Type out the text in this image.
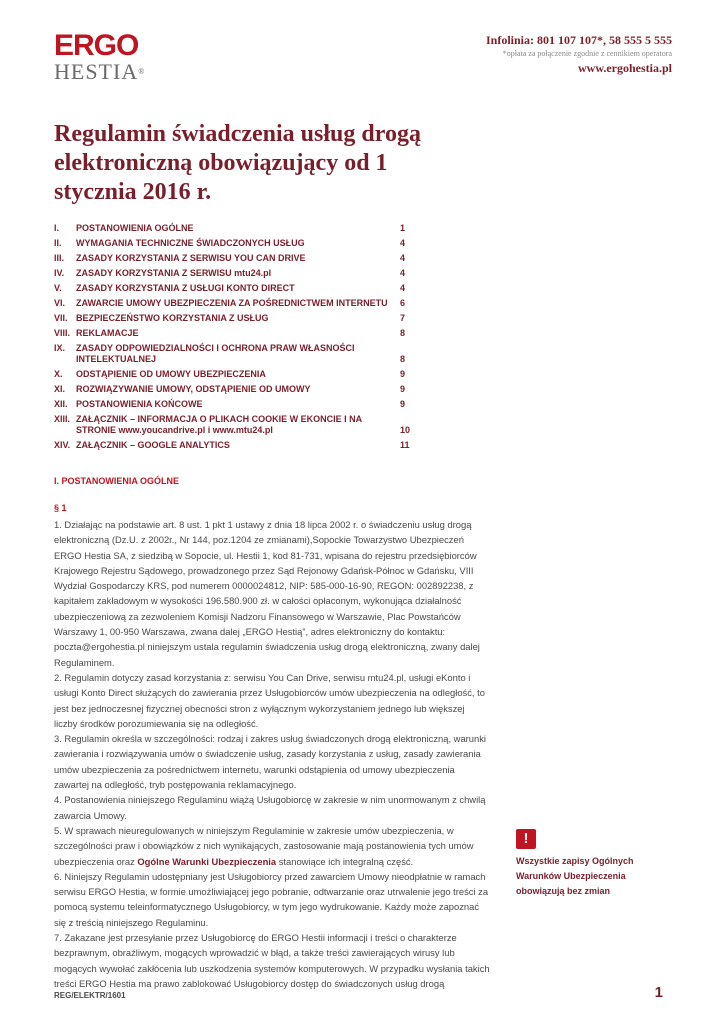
ERGO
HESTIA®
Infolinia: 801 107 107*, 58 555 5 555
*opłata za połączenie zgodnie z cennikiem operatora
www.ergohestia.pl
Regulamin świadczenia usług drogą elektroniczną obowiązujący od 1 stycznia 2016 r.
I.	POSTANOWIENIA OGÓLNE	1
II.	WYMAGANIA TECHNICZNE ŚWIADCZONYCH USŁUG	4
III.	ZASADY KORZYSTANIA Z SERWISU YOU CAN DRIVE	4
IV.	ZASADY KORZYSTANIA Z SERWISU mtu24.pl	4
V.	ZASADY KORZYSTANIA Z USŁUGI KONTO DIRECT	4
VI.	ZAWARCIE UMOWY UBEZPIECZENIA ZA POŚREDNICTWEM INTERNETU	6
VII. BEZPIECZEŃSTWO KORZYSTANIA Z USŁUG	7
VIII. REKLAMACJE	8
IX.	ZASADY ODPOWIEDZIALNOŚCI I OCHRONA PRAW WŁASNOŚCI INTELEKTUALNEJ	8
X.	ODSTĄPIENIE OD UMOWY UBEZPIECZENIA	9
XI.	ROZWIĄZYWANIE UMOWY, ODSTĄPIENIE OD UMOWY	9
XII. POSTANOWIENIA KOŃCOWE	9
XIII. ZAŁĄCZNIK – INFORMACJA O PLIKACH COOKIE W EKONCIE I NA STRONIE www.youcandrive.pl i www.mtu24.pl	10
XIV. ZAŁĄCZNIK – GOOGLE ANALYTICS	11
I. POSTANOWIENIA OGÓLNE
§ 1

1. Działając na podstawie art. 8 ust. 1 pkt 1 ustawy z dnia 18 lipca 2002 r. o świadczeniu usług drogą elektroniczną (Dz.U. z 2002r., Nr 144, poz.1204 ze zmianami),Sopockie Towarzystwo Ubezpieczeń ERGO Hestia SA, z siedzibą w Sopocie, ul. Hestii 1, kod 81-731, wpisana do rejestru przedsiębiorców Krajowego Rejestru Sądowego, prowadzonego przez Sąd Rejonowy Gdańsk-Północ w Gdańsku, VIII Wydział Gospodarczy KRS, pod numerem 0000024812, NIP: 585-000-16-90, REGON: 002892238, z kapitałem zakładowym w wysokości 196.580.900 zł. w całości opłaconym, wykonująca działalność ubezpieczeniową za zezwoleniem Komisji Nadzoru Finansowego w Warszawie, Plac Powstańców Warszawy 1, 00-950 Warszawa, zwana dalej „ERGO Hestią”, adres elektroniczny do kontaktu: poczta@ergohestia.pl niniejszym ustala regulamin świadczenia usług drogą elektroniczną, zwany dalej Regulaminem.

2. Regulamin dotyczy zasad korzystania z: serwisu You Can Drive, serwisu mtu24.pl, usługi eKonto i usługi Konto Direct służących do zawierania przez Usługobiorców umów ubezpieczenia na odległość, to jest bez jednoczesnej fizycznej obecności stron z wyłącznym wykorzystaniem jednego lub większej liczby środków porozumiewania się na odległość.

3. Regulamin określa w szczególności: rodzaj i zakres usług świadczonych drogą elektroniczną, warunki zawierania i rozwiązywania umów o świadczenie usług, zasady korzystania z usług, zasady zawierania umów ubezpieczenia za pośrednictwem internetu, warunki odstąpienia od umowy ubezpieczenia zawartej na odległość, tryb postępowania reklamacyjnego.

4. Postanowienia niniejszego Regulaminu wiążą Usługobiorcę w zakresie w nim unormowanym z chwilą zawarcia Umowy.

5. W sprawach nieuregulowanych w niniejszym Regulaminie w zakresie umów ubezpieczenia, w szczególności praw i obowiązków z nich wynikających, zastosowanie mają postanowienia tych umów ubezpieczenia oraz Ogólne Warunki Ubezpieczenia stanowiące ich integralną część.

6. Niniejszy Regulamin udostępniany jest Usługobiorcy przed zawarciem Umowy nieodpłatnie w ramach serwisu ERGO Hestia, w formie umożliwiającej jego pobranie, odtwarzanie oraz utrwalenie jego treści za pomocą systemu teleinformatycznego Usługobiorcy, w tym jego wydrukowanie. Każdy może zapoznać się z treścią niniejszego Regulaminu.

7. Zakazane jest przesyłanie przez Usługobiorcę do ERGO Hestii informacji i treści o charakterze bezprawnym, obraźliwym, mogących wprowadzić w błąd, a także treści zawierających wirusy lub mogących wywołać zakłócenia lub uszkodzenia systemów komputerowych. W przypadku wysłania takich treści ERGO Hestia ma prawo zablokować Usługobiorcy dostęp do świadczonych usług drogą

!
Wszystkie zapisy Ogólnych Warunków Ubezpieczenia obowiązują bez zmian
REG/ELEKTR/1601	1
